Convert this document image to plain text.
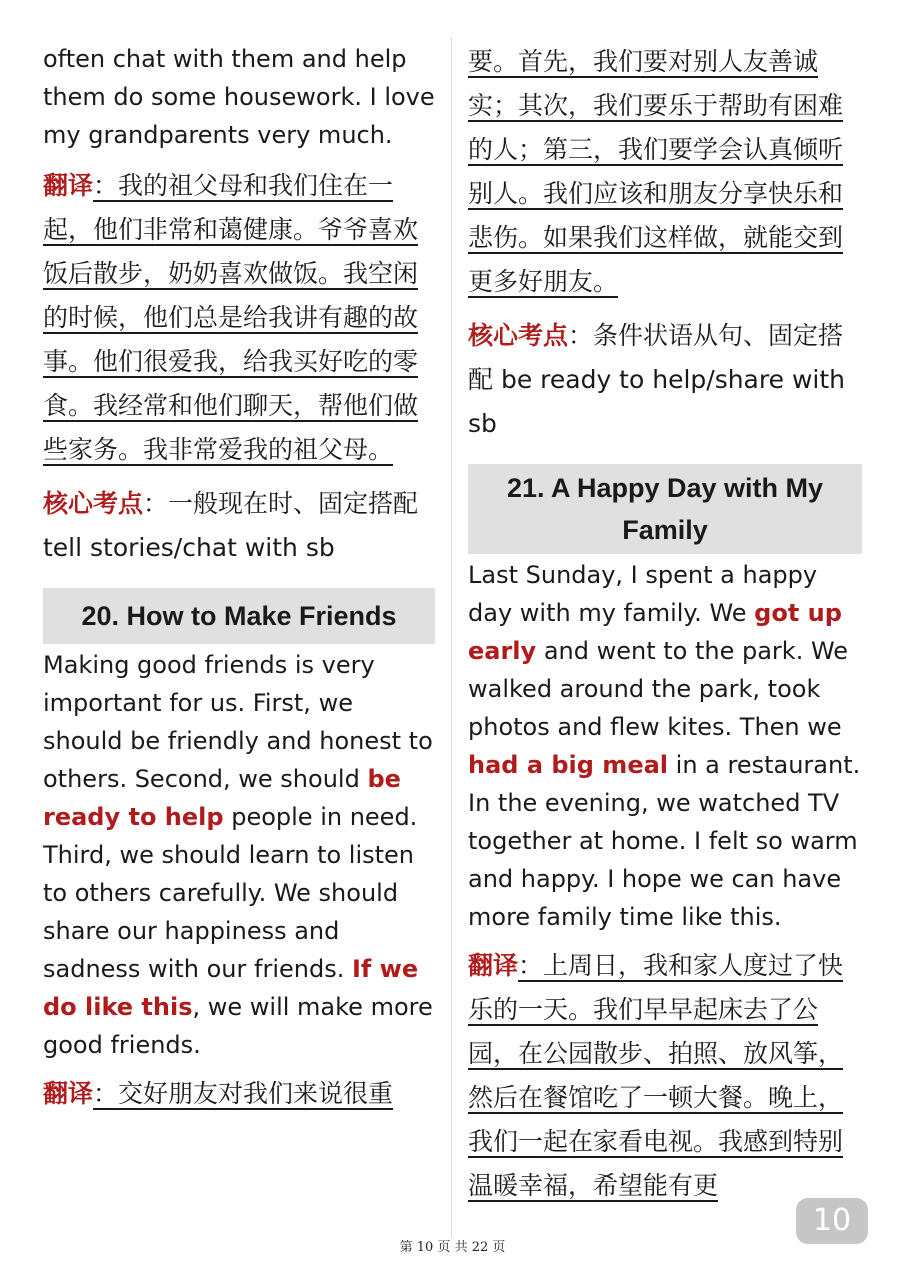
often chat with them and help them do some housework. I love my grandparents very much.

翻译：我的祖父母和我们住在一起，他们非常和蔼健康。爷爷喜欢饭后散步，奶奶喜欢做饭。我空闲的时候，他们总是给我讲有趣的故事。他们很爱我，给我买好吃的零食。我经常和他们聊天，帮他们做些家务。我非常爱我的祖父母。

核心考点：一般现在时、固定搭配 tell stories/chat with sb

20. How to Make Friends

Making good friends is very important for us. First, we should be friendly and honest to others. Second, we should be ready to help people in need. Third, we should learn to listen to others carefully. We should share our happiness and sadness with our friends. If we do like this, we will make more good friends.

翻译：交好朋友对我们来说很重

要。首先，我们要对别人友善诚实；其次，我们要乐于帮助有困难的人；第三，我们要学会认真倾听别人。我们应该和朋友分享快乐和悲伤。如果我们这样做，就能交到更多好朋友。

核心考点：条件状语从句、固定搭配 be ready to help/share with sb

21. A Happy Day with My Family

Last Sunday, I spent a happy day with my family. We got up early and went to the park. We walked around the park, took photos and flew kites. Then we had a big meal in a restaurant. In the evening, we watched TV together at home. I felt so warm and happy. I hope we can have more family time like this.

翻译：上周日，我和家人度过了快乐的一天。我们早早起床去了公园，在公园散步、拍照、放风筝，然后在餐馆吃了一顿大餐。晚上，我们一起在家看电视。我感到特别温暖幸福，希望能有更

10
第 10 页 共 22 页
